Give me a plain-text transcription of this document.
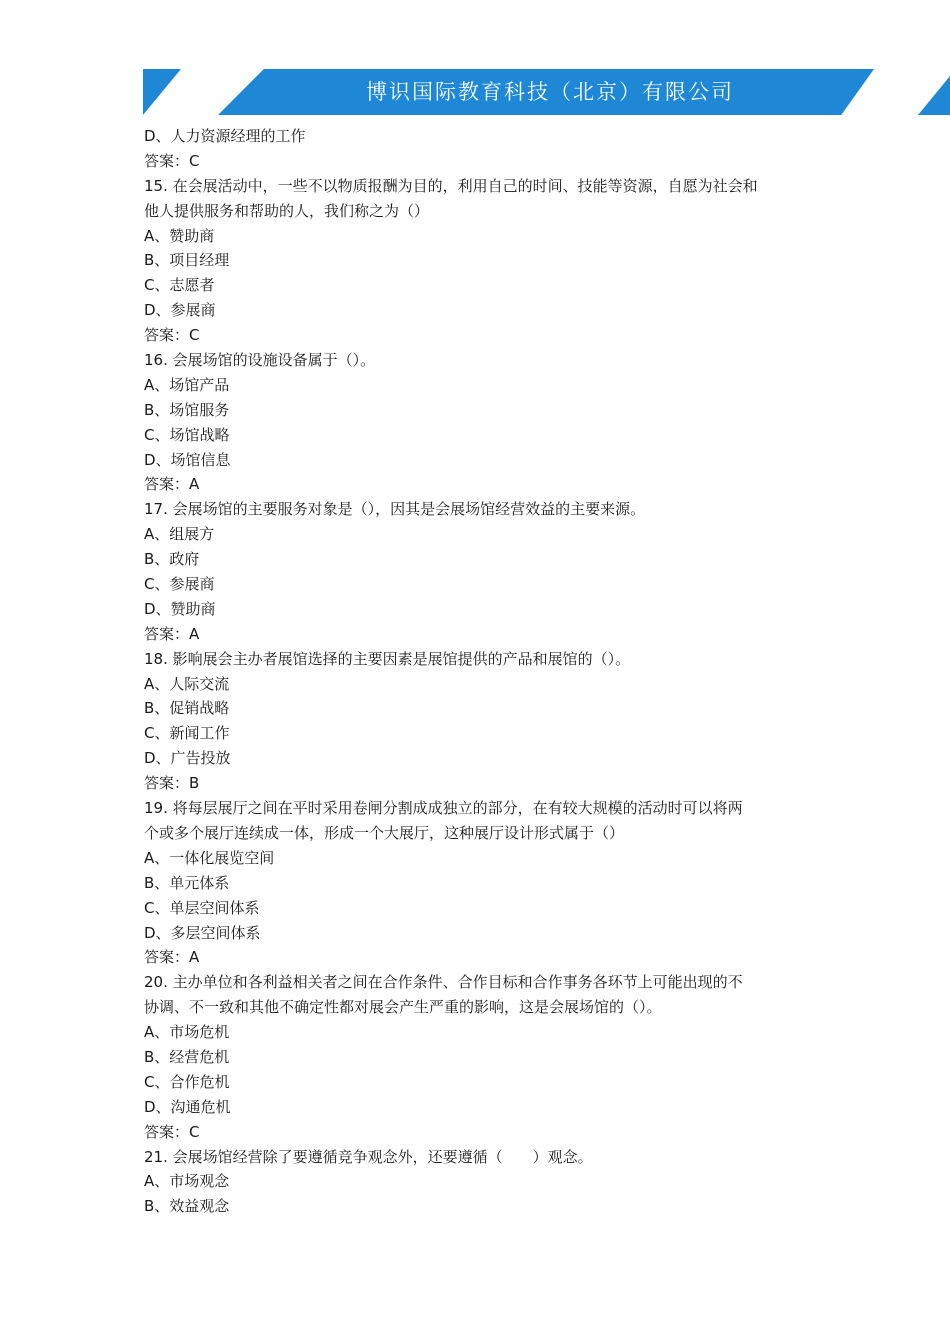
博识国际教育科技（北京）有限公司
D、人力资源经理的工作
答案：C
15. 在会展活动中，一些不以物质报酬为目的，利用自己的时间、技能等资源，自愿为社会和
他人提供服务和帮助的人，我们称之为（）
A、赞助商
B、项目经理
C、志愿者
D、参展商
答案：C
16. 会展场馆的设施设备属于（）。
A、场馆产品
B、场馆服务
C、场馆战略
D、场馆信息
答案：A
17. 会展场馆的主要服务对象是（），因其是会展场馆经营效益的主要来源。
A、组展方
B、政府
C、参展商
D、赞助商
答案：A
18. 影响展会主办者展馆选择的主要因素是展馆提供的产品和展馆的（）。
A、人际交流
B、促销战略
C、新闻工作
D、广告投放
答案：B
19. 将每层展厅之间在平时采用卷闸分割成成独立的部分，在有较大规模的活动时可以将两
个或多个展厅连续成一体，形成一个大展厅，这种展厅设计形式属于（）
A、一体化展览空间
B、单元体系
C、单层空间体系
D、多层空间体系
答案：A
20. 主办单位和各利益相关者之间在合作条件、合作目标和合作事务各环节上可能出现的不
协调、不一致和其他不确定性都对展会产生严重的影响，这是会展场馆的（）。
A、市场危机
B、经营危机
C、合作危机
D、沟通危机
答案：C
21. 会展场馆经营除了要遵循竞争观念外，还要遵循（　　）观念。
A、市场观念
B、效益观念
